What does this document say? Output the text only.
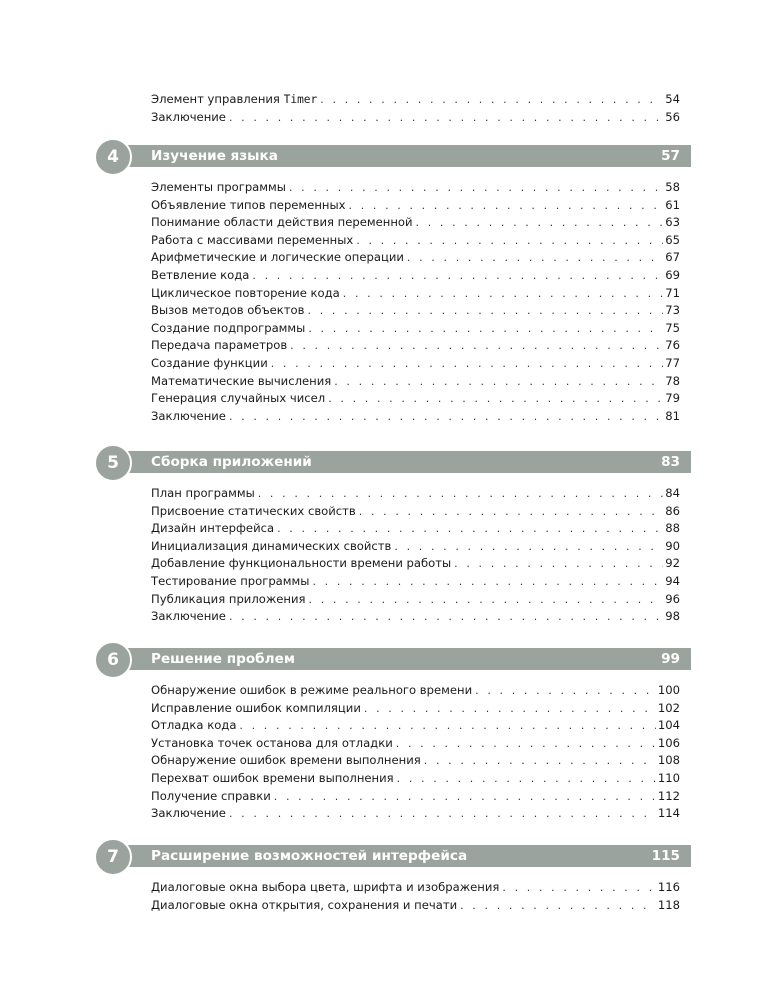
Элемент управления Timer . . .	54
Заключение . . .	56
4	Изучение языка	57
Элементы программы . . .	58
Объявление типов переменных . . .	61
Понимание области действия переменной . . .	63
Работа с массивами переменных . . .	65
Арифметические и логические операции . . .	67
Ветвление кода . . .	69
Циклическое повторение кода . . .	71
Вызов методов объектов . . .	73
Создание подпрограммы . . .	75
Передача параметров . . .	76
Создание функции . . .	77
Математические вычисления . . .	78
Генерация случайных чисел . . .	79
Заключение . . .	81
5	Сборка приложений	83
План программы . . .	84
Присвоение статических свойств . . .	86
Дизайн интерфейса . . .	88
Инициализация динамических свойств . . .	90
Добавление функциональности времени работы . . .	92
Тестирование программы . . .	94
Публикация приложения . . .	96
Заключение . . .	98
6	Решение проблем	99
Обнаружение ошибок в режиме реального времени . . .	100
Исправление ошибок компиляции . . .	102
Отладка кода . . .	104
Установка точек останова для отладки . . .	106
Обнаружение ошибок времени выполнения . . .	108
Перехват ошибок времени выполнения . . .	110
Получение справки . . .	112
Заключение . . .	114
7	Расширение возможностей интерфейса	115
Диалоговые окна выбора цвета, шрифта и изображения . . .	116
Диалоговые окна открытия, сохранения и печати . . .	118
